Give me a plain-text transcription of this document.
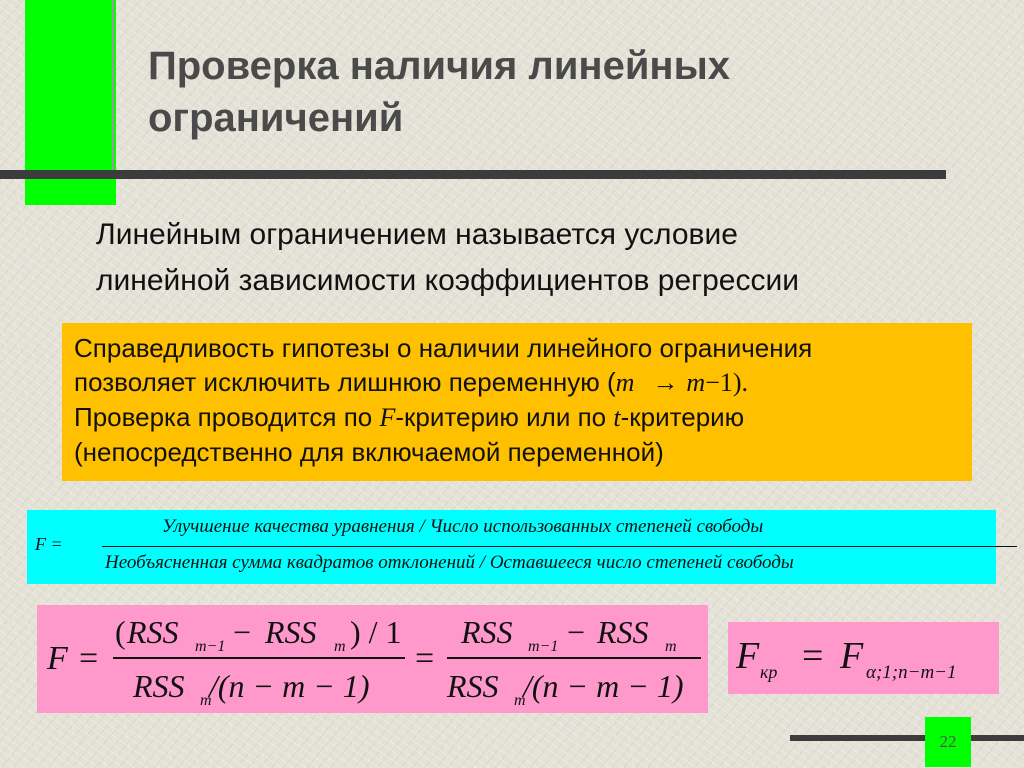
Проверка наличия линейных
ограничений
Линейным ограничением называется условие
линейной зависимости коэффициентов регрессии
Справедливость гипотезы о наличии линейного ограничения
позволяет исключить лишнюю переменную (m → m−1).
Проверка проводится по F-критерию или по t-критерию
(непосредственно для включаемой переменной)
F =
Улучшение качества уравнения / Число использованных степеней свободы
Необъясненная сумма квадратов отклонений / Оставшееся число степеней свободы
F =
( RSS m−1 − RSS m ) / 1
RSS m
/(n − m − 1)
=
RSS m−1 − RSS m
RSS m
/(n − m − 1)
F кр = F α;1;n−m−1
22
